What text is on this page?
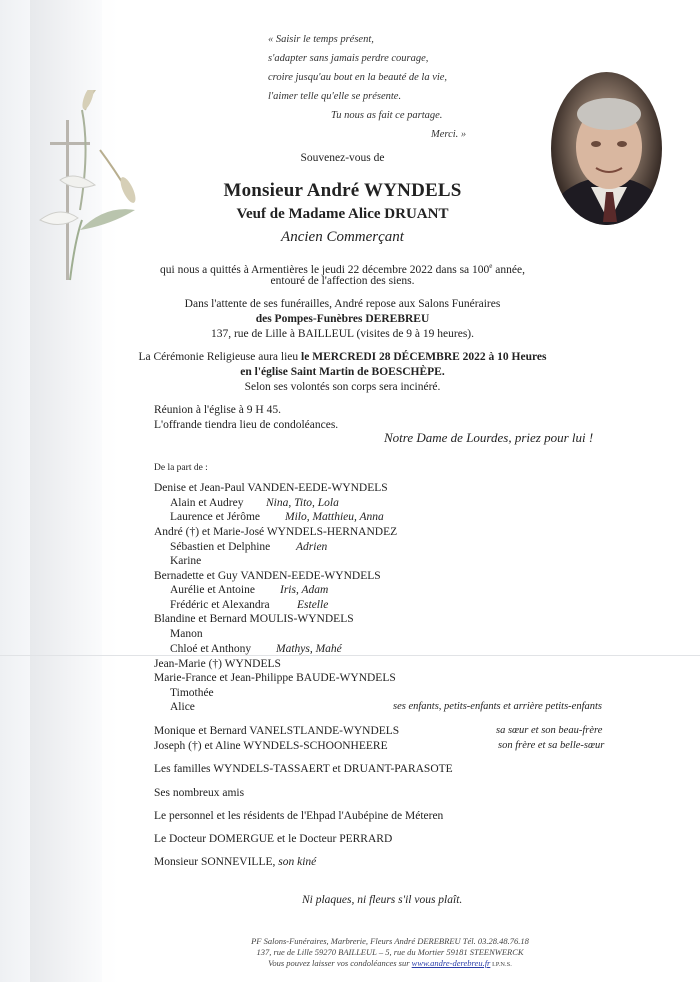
« Saisir le temps présent,
s'adapter sans jamais perdre courage,
croire jusqu'au bout en la beauté de la vie,
l'aimer telle qu'elle se présente.
Tu nous as fait ce partage.
Merci. »
Souvenez-vous de
Monsieur André WYNDELS
Veuf de Madame Alice DRUANT
Ancien Commerçant
qui nous a quittés à Armentières le jeudi 22 décembre 2022 dans sa 100e année,
entouré de l'affection des siens.
Dans l'attente de ses funérailles, André repose aux Salons Funéraires
des Pompes-Funèbres DEREBREU
137, rue de Lille à BAILLEUL (visites de 9 à 19 heures).
La Cérémonie Religieuse aura lieu le MERCREDI 28 DÉCEMBRE 2022 à 10 Heures
en l'église Saint Martin de BOESCHÈPE.
Selon ses volontés son corps sera incinéré.
Réunion à l'église à 9 H 45.
L'offrande tiendra lieu de condoléances.
Notre Dame de Lourdes, priez pour lui !
De la part de :
Denise et Jean-Paul VANDEN-EEDE-WYNDELS
Alain et Audrey Nina, Tito, Lola
Laurence et Jérôme Milo, Matthieu, Anna
André (†) et Marie-José WYNDELS-HERNANDEZ
Sébastien et Delphine Adrien
Karine
Bernadette et Guy VANDEN-EEDE-WYNDELS
Aurélie et Antoine Iris, Adam
Frédéric et Alexandra Estelle
Blandine et Bernard MOULIS-WYNDELS
Manon
Chloé et Anthony Mathys, Mahé
Jean-Marie (†) WYNDELS
Marie-France et Jean-Philippe BAUDE-WYNDELS
Timothée
Alice	ses enfants, petits-enfants et arrière petits-enfants
Monique et Bernard VANELSTLANDE-WYNDELS	sa sœur et son beau-frère
Joseph (†) et Aline WYNDELS-SCHOONHEERE	son frère et sa belle-sœur
Les familles WYNDELS-TASSAERT et DRUANT-PARASOTE
Ses nombreux amis
Le personnel et les résidents de l'Ehpad l'Aubépine de Méteren
Le Docteur DOMERGUE et le Docteur PERRARD
Monsieur SONNEVILLE, son kiné
Ni plaques, ni fleurs s'il vous plaît.
PF Salons-Funéraires, Marbrerie, Fleurs André DEREBREU Tél. 03.28.48.76.18
137, rue de Lille 59270 BAILLEUL – 5, rue du Mortier 59181 STEENWERCK
Vous pouvez laisser vos condoléances sur www.andre-derebreu.fr I.P.N.S.
